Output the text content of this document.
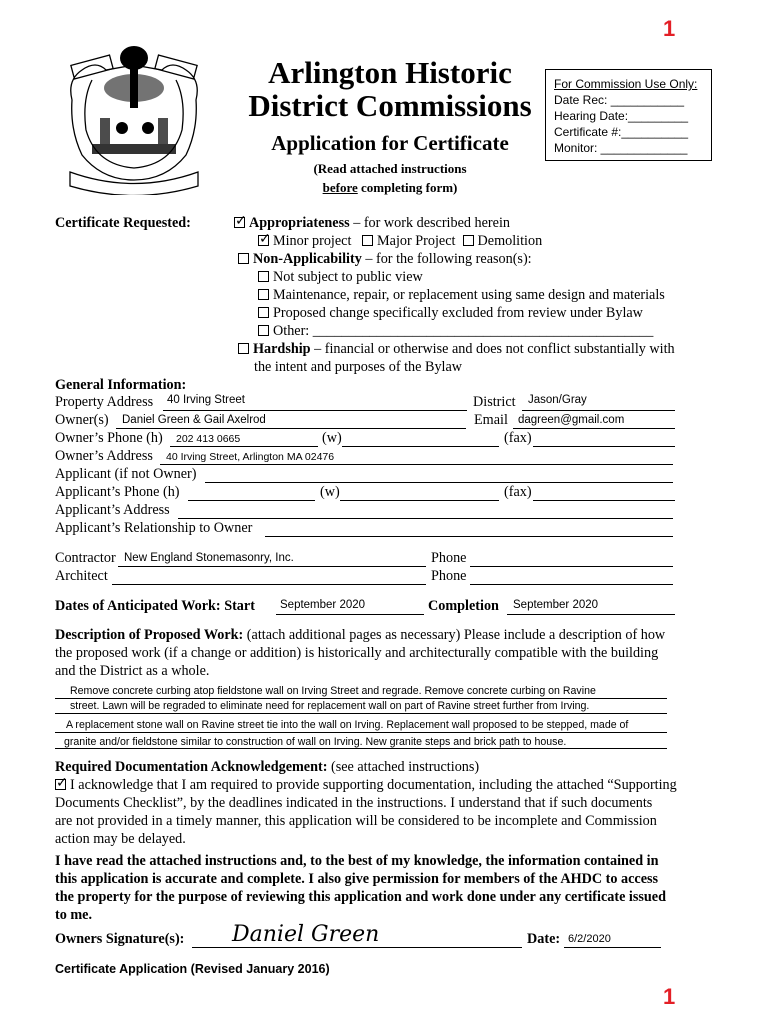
1
1
Arlington Historic
District Commissions
Application for Certificate
(Read attached instructions
before completing form)
For Commission Use Only:
Date Rec: ___________
Hearing Date:_________
Certificate #:__________
Monitor: _____________
Certificate Requested:
✓	Appropriateness – for work described herein
✓Minor project Major Project Demolition
Non-Applicability – for the following reason(s):
Not subject to public view
Maintenance, repair, or replacement using same design and materials
Proposed change specifically excluded from review under Bylaw
Other: ________________________________________________
Hardship – financial or otherwise and does not conflict substantially with
the intent and purposes of the Bylaw
General Information:
Property Address 40 Irving Street	District Jason/Gray
Owner(s) Daniel Green & Gail Axelrod	Email dagreen@gmail.com
Owner’s Phone (h) 202 413 0665	(w)	(fax)
Owner’s Address 40 Irving Street, Arlington MA 02476
Applicant (if not Owner)
Applicant’s Phone (h)	(w)	(fax)
Applicant’s Address
Applicant’s Relationship to Owner
Contractor New England Stonemasonry, Inc.	Phone
Architect	Phone
Dates of Anticipated Work: Start September 2020	Completion September 2020
Description of Proposed Work: (attach additional pages as necessary) Please include a description of how
the proposed work (if a change or addition) is historically and architecturally compatible with the building
and the District as a whole.
Remove concrete curbing atop fieldstone wall on Irving Street and regrade. Remove concrete curbing on Ravine
street. Lawn will be regraded to eliminate need for replacement wall on part of Ravine street further from Irving.
A replacement stone wall on Ravine street tie into the wall on Irving. Replacement wall proposed to be stepped, made of
granite and/or fieldstone similar to construction of wall on Irving. New granite steps and brick path to house.
Required Documentation Acknowledgement: (see attached instructions)
✓I acknowledge that I am required to provide supporting documentation, including the attached “Supporting
Documents Checklist”, by the deadlines indicated in the instructions. I understand that if such documents
are not provided in a timely manner, this application will be considered to be incomplete and Commission
action may be delayed.
I have read the attached instructions and, to the best of my knowledge, the information contained in
this application is accurate and complete. I also give permission for members of the AHDC to access
the property for the purpose of reviewing this application and work done under any certificate issued
to me.
Owners Signature(s): Daniel Green	Date: 6/2/2020
Certificate Application (Revised January 2016)
